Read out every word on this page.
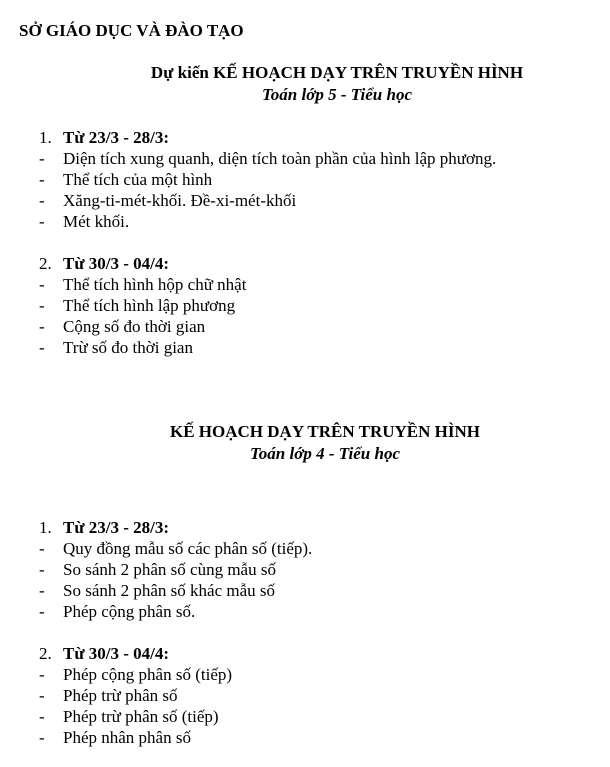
SỞ GIÁO DỤC VÀ ĐÀO TẠO
Dự kiến KẾ HOẠCH DẠY TRÊN TRUYỀN HÌNH
Toán lớp 5 - Tiểu học
1. Từ 23/3 - 28/3:
-	Diện tích xung quanh, diện tích toàn phần của hình lập phương.
-	Thể tích của một hình
-	Xăng-ti-mét-khối. Đề-xi-mét-khối
-	Mét khối.
2. Từ 30/3 - 04/4:
-	Thể tích hình hộp chữ nhật
-	Thể tích hình lập phương
-	Cộng số đo thời gian
-	Trừ số đo thời gian
KẾ HOẠCH DẠY TRÊN TRUYỀN HÌNH
Toán lớp 4 - Tiểu học
1. Từ 23/3 - 28/3:
-	Quy đồng mẫu số các phân số (tiếp).
-	So sánh 2 phân số cùng mẫu số
-	So sánh 2 phân số khác mẫu số
-	Phép cộng phân số.
2. Từ 30/3 - 04/4:
-	Phép cộng phân số (tiếp)
-	Phép trừ phân số
-	Phép trừ phân số (tiếp)
-	Phép nhân phân số
